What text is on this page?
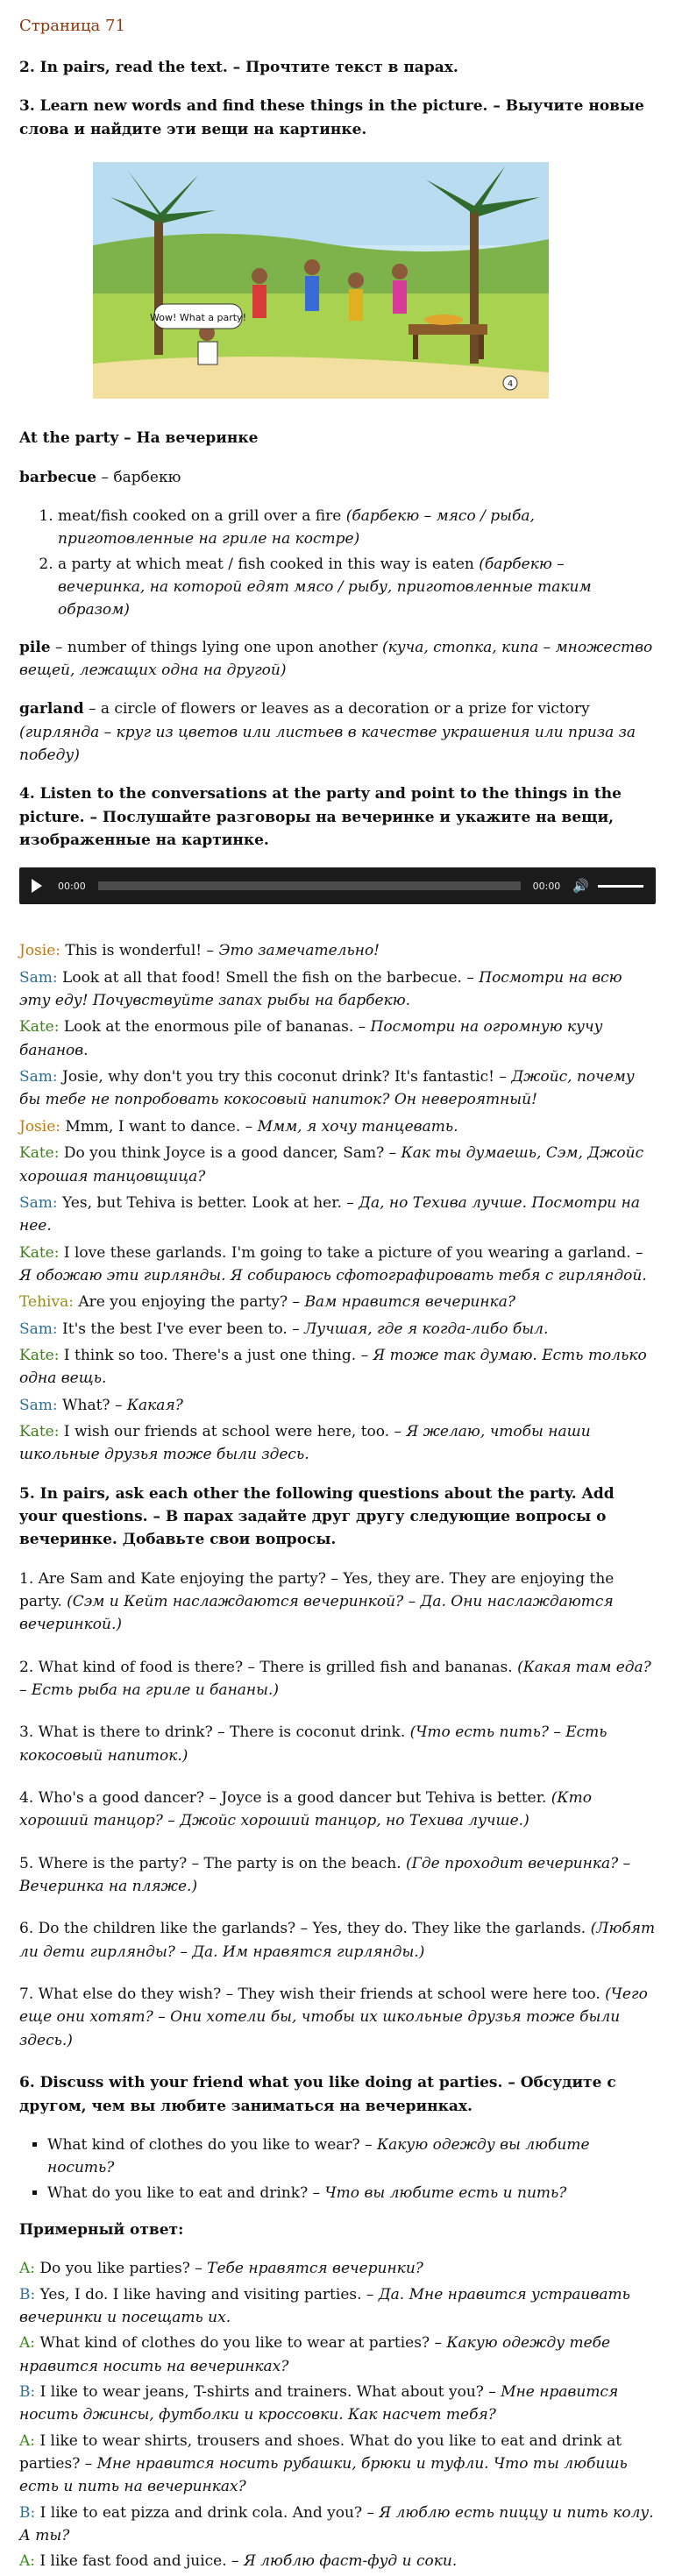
Страница 71

2. In pairs, read the text. – Прочтите текст в парах.

3. Learn new words and find these things in the picture. – Выучите новые слова и найдите эти вещи на картинке.

Wow! What a party!
4

At the party – На вечеринке

barbecue – барбекю

1. meat/fish cooked on a grill over a fire (барбекю – мясо / рыба, приготовленные на гриле на костре)
2. a party at which meat / fish cooked in this way is eaten (барбекю – вечеринка, на которой едят мясо / рыбу, приготовленные таким образом)

pile – number of things lying one upon another (куча, стопка, кипа – множество вещей, лежащих одна на другой)

garland – a circle of flowers or leaves as a decoration or a prize for victory (гирлянда – круг из цветов или листьев в качестве украшения или приза за победу)

4. Listen to the conversations at the party and point to the things in the picture. – Послушайте разговоры на вечеринке и укажите на вещи, изображенные на картинке.

00:00	00:00 🔊

Josie: This is wonderful! – Это замечательно!

Sam: Look at all that food! Smell the fish on the barbecue. – Посмотри на всю эту еду! Почувствуйте запах рыбы на барбекю.

Kate: Look at the enormous pile of bananas. – Посмотри на огромную кучу бананов.

Sam: Josie, why don't you try this coconut drink? It's fantastic! – Джойс, почему бы тебе не попробовать кокосовый напиток? Он невероятный!

Josie: Mmm, I want to dance. – Ммм, я хочу танцевать.

Kate: Do you think Joyce is a good dancer, Sam? – Как ты думаешь, Сэм, Джойс хорошая танцовщица?

Sam: Yes, but Tehiva is better. Look at her. – Да, но Техива лучше. Посмотри на нее.

Kate: I love these garlands. I'm going to take a picture of you wearing a garland. – Я обожаю эти гирлянды. Я собираюсь сфотографировать тебя с гирляндой.

Tehiva: Are you enjoying the party? – Вам нравится вечеринка?

Sam: It's the best I've ever been to. – Лучшая, где я когда-либо был.

Kate: I think so too. There's a just one thing. – Я тоже так думаю. Есть только одна вещь.

Sam: What? – Какая?

Kate: I wish our friends at school were here, too. – Я желаю, чтобы наши школьные друзья тоже были здесь.

5. In pairs, ask each other the following questions about the party. Add your questions. – В парах задайте друг другу следующие вопросы о вечеринке. Добавьте свои вопросы.

1. Are Sam and Kate enjoying the party? – Yes, they are. They are enjoying the party. (Сэм и Кейт наслаждаются вечеринкой? – Да. Они наслаждаются вечеринкой.)

2. What kind of food is there? – There is grilled fish and bananas. (Какая там еда? – Есть рыба на гриле и бананы.)

3. What is there to drink? – There is coconut drink. (Что есть пить? – Есть кокосовый напиток.)

4. Who's a good dancer? – Joyce is a good dancer but Tehiva is better. (Кто хороший танцор? – Джойс хороший танцор, но Техива лучше.)

5. Where is the party? – The party is on the beach. (Где проходит вечеринка? – Вечеринка на пляже.)

6. Do the children like the garlands? – Yes, they do. They like the garlands. (Любят ли дети гирлянды? – Да. Им нравятся гирлянды.)

7. What else do they wish? – They wish their friends at school were here too. (Чего еще они хотят? – Они хотели бы, чтобы их школьные друзья тоже были здесь.)

6. Discuss with your friend what you like doing at parties. – Обсудите с другом, чем вы любите заниматься на вечеринках.

▪ What kind of clothes do you like to wear? – Какую одежду вы любите носить?
▪ What do you like to eat and drink? – Что вы любите есть и пить?

Примерный ответ:

A: Do you like parties? – Тебе нравятся вечеринки?

B: Yes, I do. I like having and visiting parties. – Да. Мне нравится устраивать вечеринки и посещать их.

A: What kind of clothes do you like to wear at parties? – Какую одежду тебе нравится носить на вечеринках?

B: I like to wear jeans, T-shirts and trainers. What about you? – Мне нравится носить джинсы, футболки и кроссовки. Как насчет тебя?

A: I like to wear shirts, trousers and shoes. What do you like to eat and drink at parties? – Мне нравится носить рубашки, брюки и туфли. Что ты любишь есть и пить на вечеринках?

B: I like to eat pizza and drink cola. And you? – Я люблю есть пиццу и пить колу. А ты?

A: I like fast food and juice. – Я люблю фаст-фуд и соки.
